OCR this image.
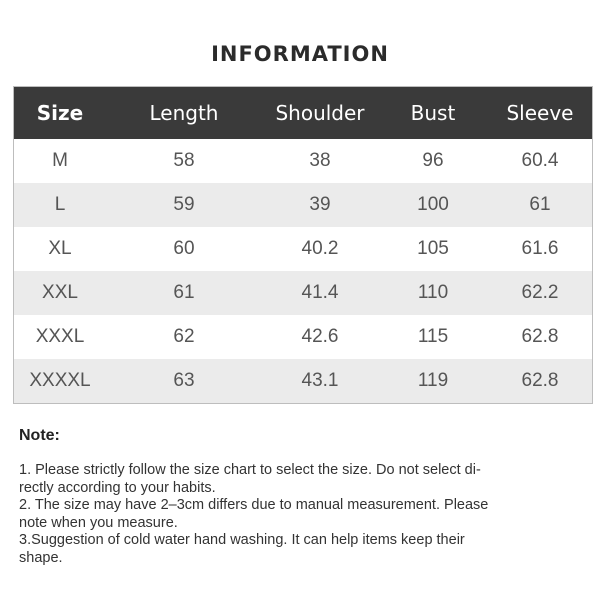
INFORMATION
Size	Length	Shoulder	Bust	Sleeve
M	58	38	96	60.4
L	59	39	100	61
XL	60	40.2	105	61.6
XXL	61	41.4	110	62.2
XXXL	62	42.6	115	62.8
XXXXL	63	43.1	119	62.8
Note:
1. Please strictly follow the size chart to select the size. Do not select di-
rectly according to your habits.
2. The size may have 2–3cm differs due to manual measurement. Please
note when you measure.
3.Suggestion of cold water hand washing. It can help items keep their
shape.
